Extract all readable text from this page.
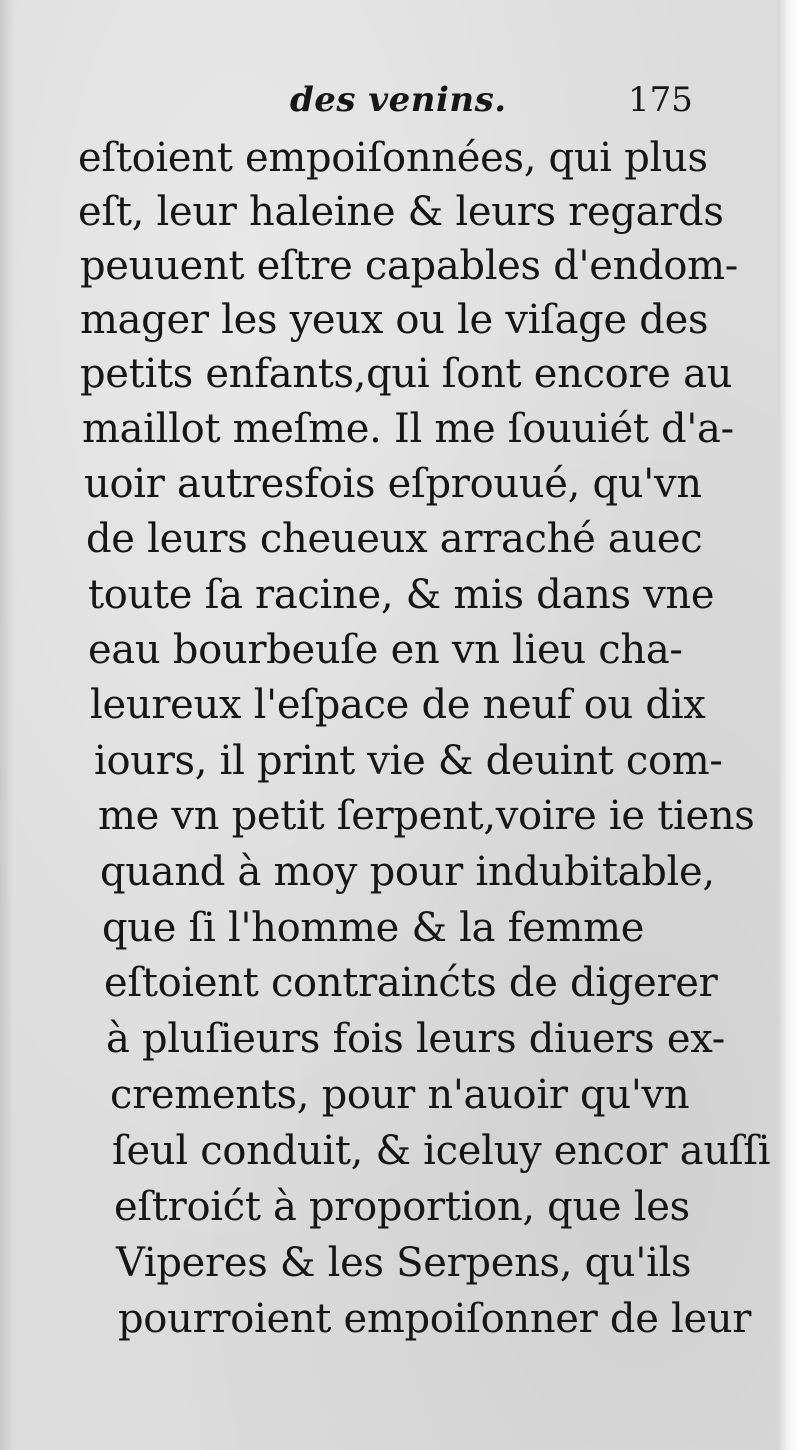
des venins.	175
eſtoient empoiſonnées, qui plus
eſt, leur haleine & leurs regards
peuuent eſtre capables d'endom-
mager les yeux ou le viſage des
petits enfants,qui ſont encore au
maillot meſme. Il me ſouuiét d'a-
uoir autresfois eſprouué, qu'vn
de leurs cheueux arraché auec
toute ſa racine, & mis dans vne
eau bourbeuſe en vn lieu cha-
leureux l'eſpace de neuf ou dix
iours, il print vie & deuint com-
me vn petit ſerpent,voire ie tiens
quand à moy pour indubitable,
que ſi l'homme & la femme
eſtoient contrainćts de digerer
à pluſieurs fois leurs diuers ex-
crements, pour n'auoir qu'vn
ſeul conduit, & iceluy encor auſſi
eſtroićt à proportion, que les
Viperes & les Serpens, qu'ils
pourroient empoiſonner de leur
